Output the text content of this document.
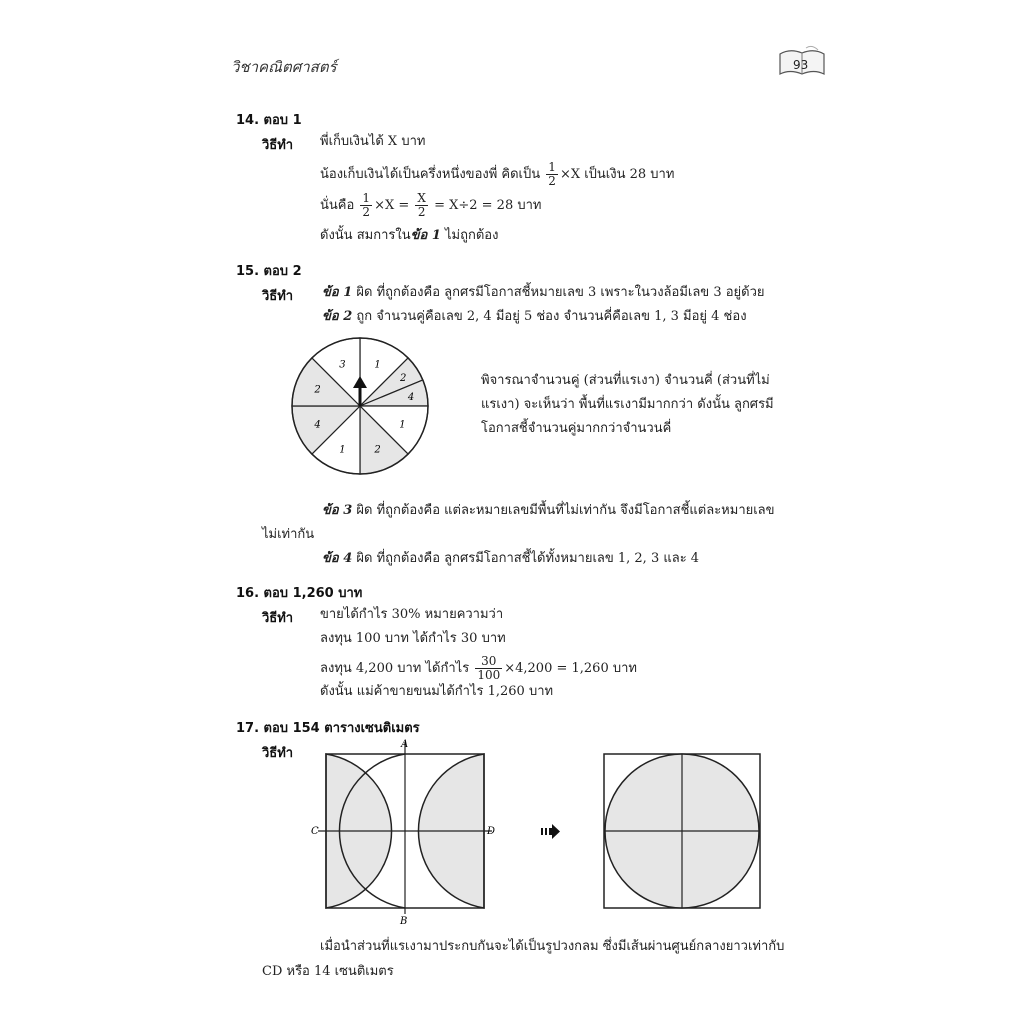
วิชาคณิตศาสตร์	93
14. ตอบ 1
วิธีทำ พี่เก็บเงินได้ X บาท
น้องเก็บเงินได้เป็นครึ่งหนึ่งของพี่ คิดเป็น $\frac{1}{2} \times X$ เป็นเงิน 28 บาท
นั่นคือ $\frac{1}{2} \times X = \frac{X}{2} = X\div 2 = 28$ บาท
ดังนั้น สมการในข้อ 1 ไม่ถูกต้อง
15. ตอบ 2
วิธีทำ ข้อ 1 ผิด ที่ถูกต้องคือ ลูกศรมีโอกาสชี้หมายเลข 3 เพราะในวงล้อมีเลข 3 อยู่ด้วย
ข้อ 2 ถูก จำนวนคู่คือเลข 2, 4 มีอยู่ 5 ช่อง จำนวนคี่คือเลข 1, 3 มีอยู่ 4 ช่อง
1
2
4
1
2
1
4
2
3
พิจารณาจำนวนคู่ (ส่วนที่แรเงา) จำนวนคี่ (ส่วนที่ไม่
แรเงา) จะเห็นว่า พื้นที่แรเงามีมากกว่า ดังนั้น ลูกศรมี
โอกาสชี้จำนวนคู่มากกว่าจำนวนคี่
ข้อ 3 ผิด ที่ถูกต้องคือ แต่ละหมายเลขมีพื้นที่ไม่เท่ากัน จึงมีโอกาสชี้แต่ละหมายเลข
ไม่เท่ากัน
ข้อ 4 ผิด ที่ถูกต้องคือ ลูกศรมีโอกาสชี้ได้ทั้งหมายเลข 1, 2, 3 และ 4
16. ตอบ 1,260 บาท
วิธีทำ ขายได้กำไร 30% หมายความว่า
ลงทุน 100 บาท ได้กำไร 30 บาท
ลงทุน 4,200 บาท ได้กำไร $\frac{30}{100} \times 4,200 = 1,260$ บาท
ดังนั้น แม่ค้าขายขนมได้กำไร 1,260 บาท
17. ตอบ 154 ตารางเซนติเมตร
วิธีทำ
A
B
C	D
เมื่อนำส่วนที่แรเงามาประกบกันจะได้เป็นรูปวงกลม ซึ่งมีเส้นผ่านศูนย์กลางยาวเท่ากับ
CD หรือ 14 เซนติเมตร
